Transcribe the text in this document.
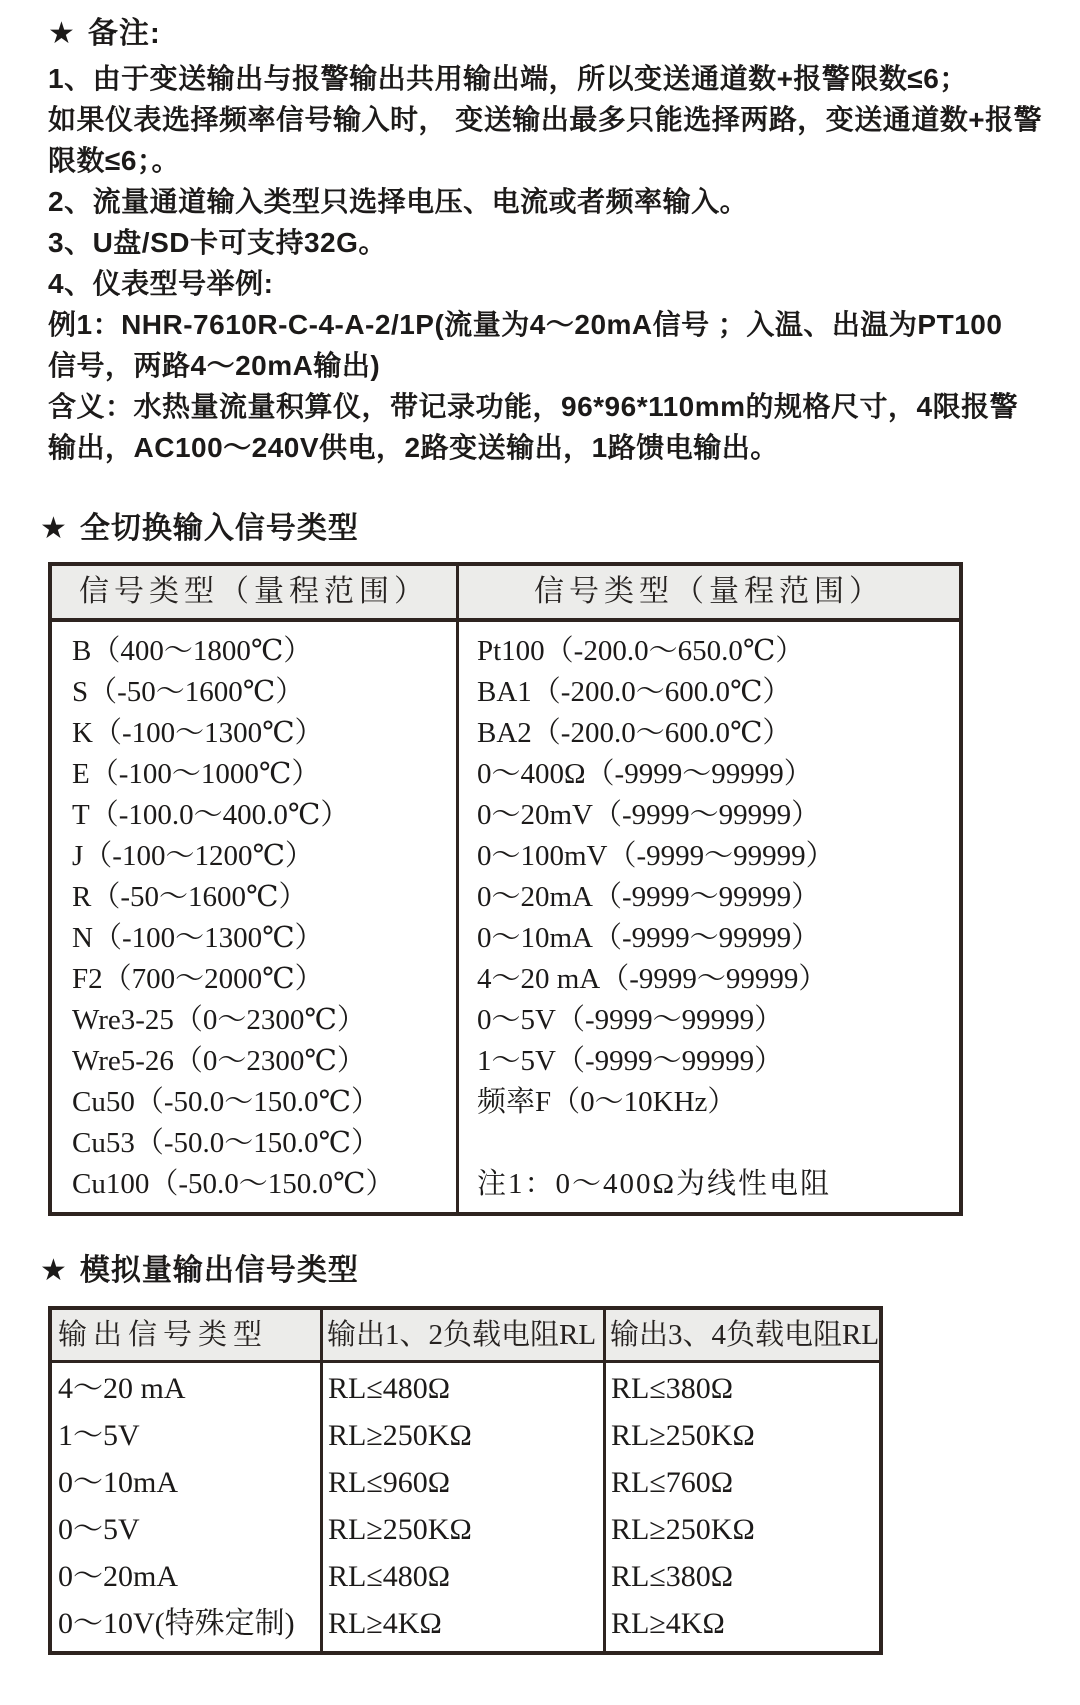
★ 备注:
1、由于变送输出与报警输出共用输出端，所以变送通道数+报警限数≤6；
如果仪表选择频率信号输入时， 变送输出最多只能选择两路，变送通道数+报警
限数≤6；。
2、流量通道输入类型只选择电压、电流或者频率输入。
3、U盘/SD卡可支持32G。
4、仪表型号举例:
例1：NHR-7610R-C-4-A-2/1P(流量为4～20mA信号 ；入温、出温为PT100
信号，两路4～20mA输出)
含义：水热量流量积算仪，带记录功能，96*96*110mm的规格尺寸，4限报警
输出，AC100～240V供电，2路变送输出，1路馈电输出。
★ 全切换输入信号类型
信号类型（量程范围）	信号类型（量程范围）
B（400～1800℃）
S（-50～1600℃）
K（-100～1300℃）
E（-100～1000℃）
T（-100.0～400.0℃）
J（-100～1200℃）
R（-50～1600℃）
N（-100～1300℃）
F2（700～2000℃）
Wre3-25（0～2300℃）
Wre5-26（0～2300℃）
Cu50（-50.0～150.0℃）
Cu53（-50.0～150.0℃）
Cu100（-50.0～150.0℃）
Pt100（-200.0～650.0℃）
BA1（-200.0～600.0℃）
BA2（-200.0～600.0℃）
0～400Ω（-9999～99999）
0～20mV（-9999～99999）
0～100mV（-9999～99999）
0～20mA（-9999～99999）
0～10mA（-9999～99999）
4～20 mA（-9999～99999）
0～5V（-9999～99999）
1～5V（-9999～99999）
频率F（0～10KHz）
注1：0～400Ω为线性电阻
★ 模拟量输出信号类型
输出信号类型	输出1、2负载电阻RL 输出3、4负载电阻RL
4～20 mA
1～5V
0～10mA
0～5V
0～20mA
0～10V(特殊定制)
RL≤480Ω
RL≥250KΩ
RL≤960Ω
RL≥250KΩ
RL≤480Ω
RL≥4KΩ
RL≤380Ω
RL≥250KΩ
RL≤760Ω
RL≥250KΩ
RL≤380Ω
RL≥4KΩ
